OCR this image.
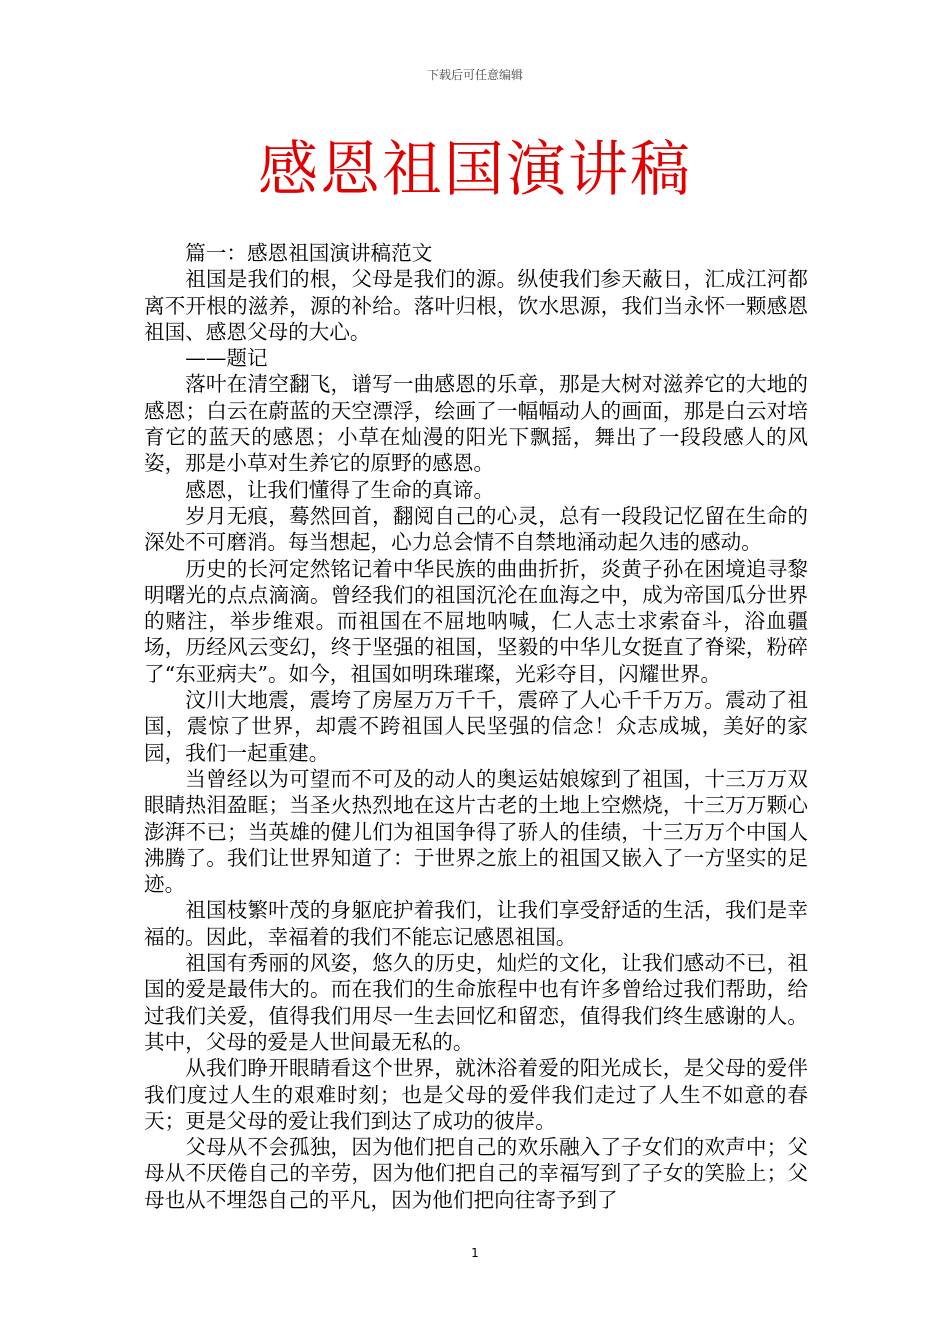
下载后可任意编辑
感恩祖国演讲稿

篇一：感恩祖国演讲稿范文

祖国是我们的根，父母是我们的源。纵使我们参天蔽日，汇成江河都离不开根的滋养，源的补给。落叶归根，饮水思源，我们当永怀一颗感恩祖国、感恩父母的大心。

——题记

落叶在清空翻飞，谱写一曲感恩的乐章，那是大树对滋养它的大地的感恩；白云在蔚蓝的天空漂浮，绘画了一幅幅动人的画面，那是白云对培育它的蓝天的感恩；小草在灿漫的阳光下飘摇，舞出了一段段感人的风姿，那是小草对生养它的原野的感恩。

感恩，让我们懂得了生命的真谛。

岁月无痕，蓦然回首，翻阅自己的心灵，总有一段段记忆留在生命的深处不可磨消。每当想起，心力总会情不自禁地涌动起久违的感动。

历史的长河定然铭记着中华民族的曲曲折折，炎黄子孙在困境追寻黎明曙光的点点滴滴。曾经我们的祖国沉沦在血海之中，成为帝国瓜分世界的赌注，举步维艰。而祖国在不屈地呐喊，仁人志士求索奋斗，浴血疆场，历经风云变幻，终于坚强的祖国，坚毅的中华儿女挺直了脊梁，粉碎了“东亚病夫”。如今，祖国如明珠璀璨，光彩夺目，闪耀世界。

汶川大地震，震垮了房屋万万千千，震碎了人心千千万万。震动了祖国，震惊了世界，却震不跨祖国人民坚强的信念！众志成城，美好的家园，我们一起重建。

当曾经以为可望而不可及的动人的奥运姑娘嫁到了祖国，十三万万双眼睛热泪盈眶；当圣火热烈地在这片古老的土地上空燃烧，十三万万颗心澎湃不已；当英雄的健儿们为祖国争得了骄人的佳绩，十三万万个中国人沸腾了。我们让世界知道了：于世界之旅上的祖国又嵌入了一方坚实的足迹。

祖国枝繁叶茂的身躯庇护着我们，让我们享受舒适的生活，我们是幸福的。因此，幸福着的我们不能忘记感恩祖国。

祖国有秀丽的风姿，悠久的历史，灿烂的文化，让我们感动不已，祖国的爱是最伟大的。而在我们的生命旅程中也有许多曾给过我们帮助，给过我们关爱，值得我们用尽一生去回忆和留恋，值得我们终生感谢的人。其中，父母的爱是人世间最无私的。

从我们睁开眼睛看这个世界，就沐浴着爱的阳光成长，是父母的爱伴我们度过人生的艰难时刻；也是父母的爱伴我们走过了人生不如意的春天；更是父母的爱让我们到达了成功的彼岸。

父母从不会孤独，因为他们把自己的欢乐融入了子女们的欢声中；父母从不厌倦自己的辛劳，因为他们把自己的幸福写到了子女的笑脸上；父母也从不埋怨自己的平凡，因为他们把向往寄予到了

1
